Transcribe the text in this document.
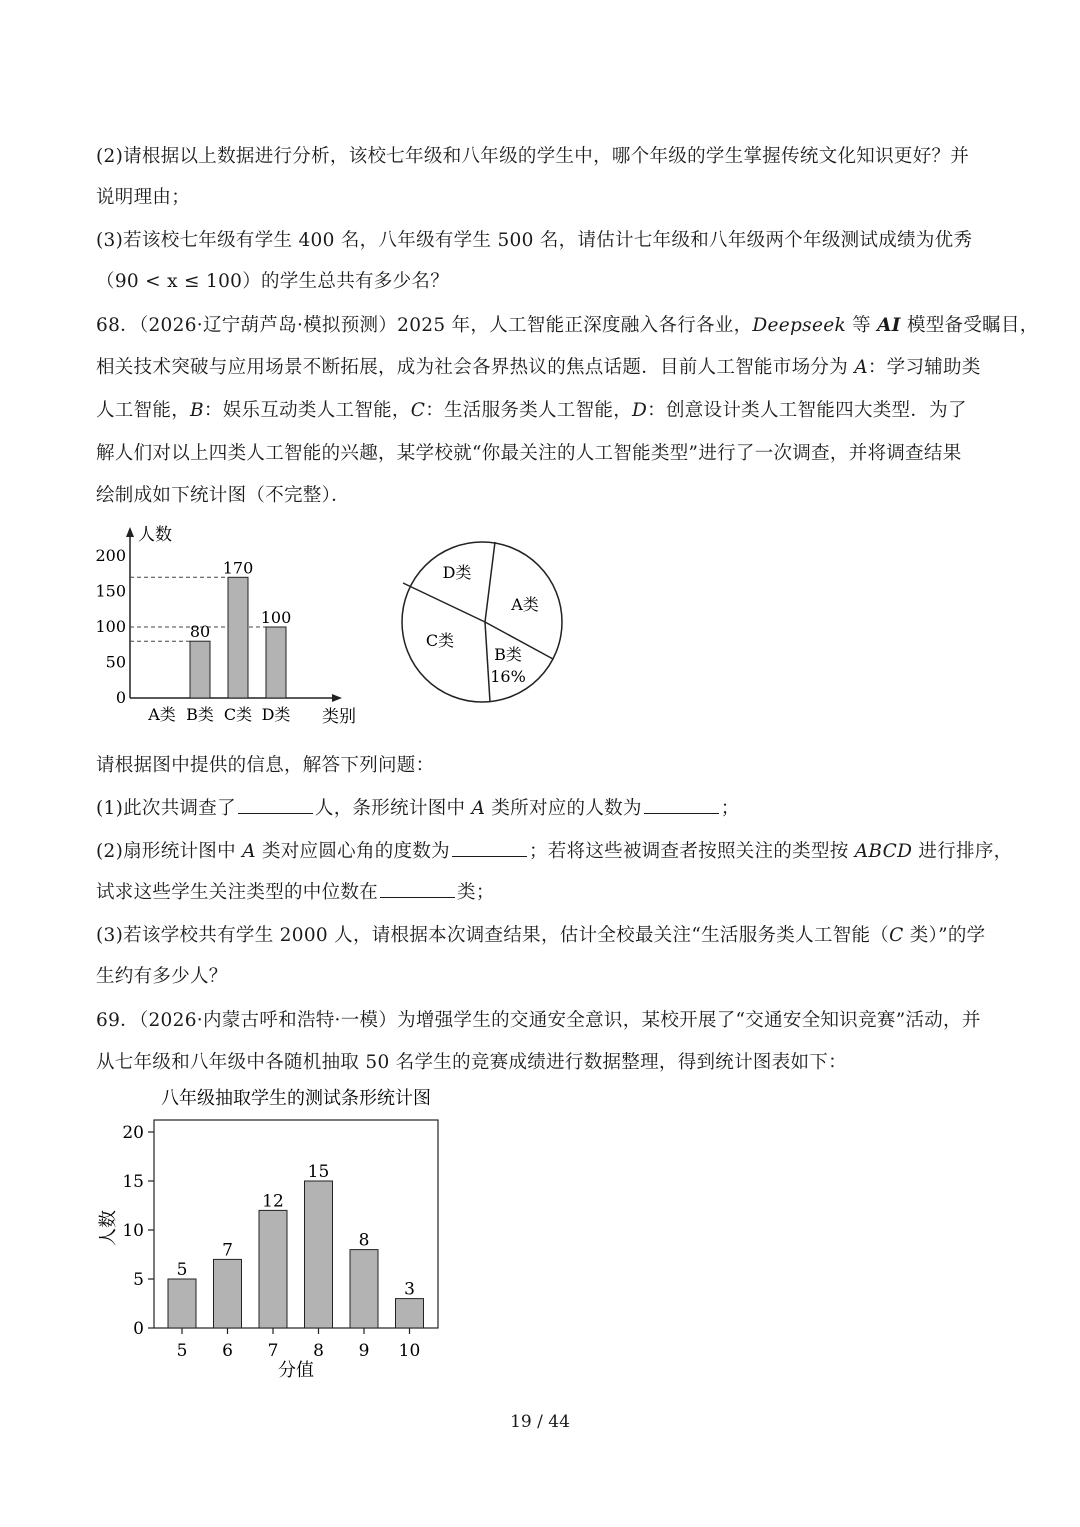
(2)请根据以上数据进行分析，该校七年级和八年级的学生中，哪个年级的学生掌握传统文化知识更好？并
说明理由；
(3)若该校七年级有学生 400 名，八年级有学生 500 名，请估计七年级和八年级两个年级测试成绩为优秀
（90 < x ≤ 100）的学生总共有多少名？
68．（2026·辽宁葫芦岛·模拟预测）2025 年，人工智能正深度融入各行各业，Deepseek 等 AI 模型备受瞩目，
相关技术突破与应用场景不断拓展，成为社会各界热议的焦点话题．目前人工智能市场分为 A：学习辅助类
人工智能，B：娱乐互动类人工智能，C：生活服务类人工智能，D：创意设计类人工智能四大类型．为了
解人们对以上四类人工智能的兴趣，某学校就“你最关注的人工智能类型”进行了一次调查，并将调查结果
绘制成如下统计图（不完整）．
人数
类别
0
50
100
150
200
A类 B类
80
C类
170
D类
100
A类
B类
16%
C类
D类
请根据图中提供的信息，解答下列问题：
(1)此次共调查了	人，条形统计图中 A 类所对应的人数为	；
(2)扇形统计图中 A 类对应圆心角的度数为	；若将这些被调查者按照关注的类型按 ABCD 进行排序，
试求这些学生关注类型的中位数在	类；
(3)若该学校共有学生 2000 人，请根据本次调查结果，估计全校最关注“生活服务类人工智能（C 类）”的学
生约有多少人？
69．（2026·内蒙古呼和浩特·一模）为增强学生的交通安全意识，某校开展了“交通安全知识竞赛”活动，并
从七年级和八年级中各随机抽取 50 名学生的竞赛成绩进行数据整理，得到统计图表如下：
八年级抽取学生的测试条形统计图
0
5
10
15
20
人数
5
5
6
7
7
12
8
15
9
8
10
3
分值
19 / 44
